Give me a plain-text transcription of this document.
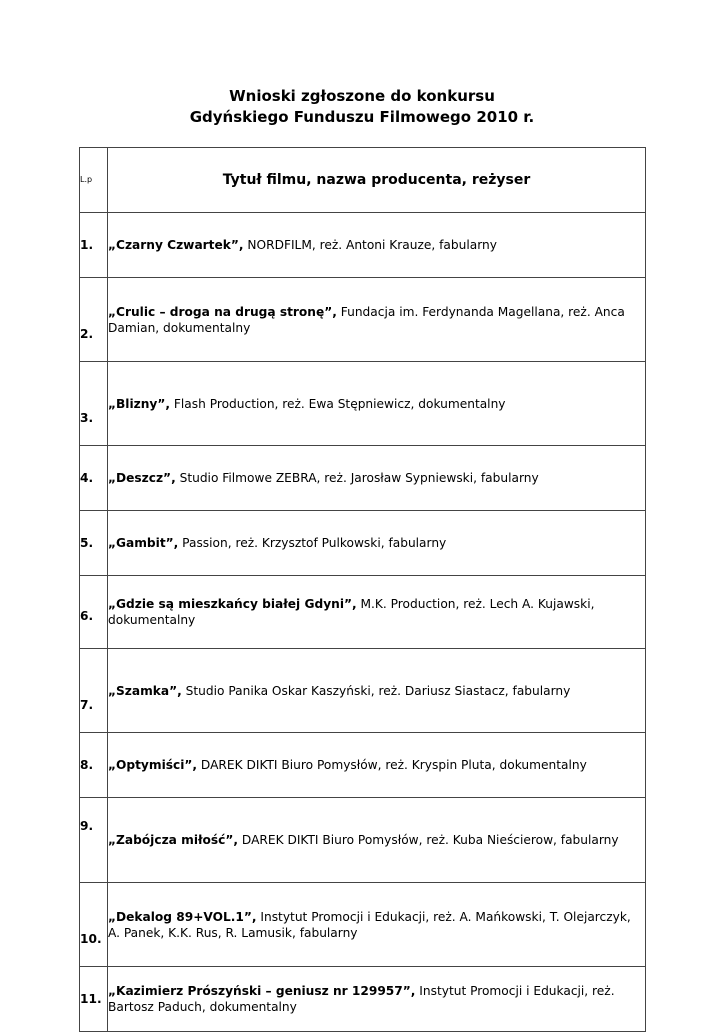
Wnioski zgłoszone do konkursu
Gdyńskiego Funduszu Filmowego 2010 r.
L.p	Tytuł filmu, nazwa producenta, reżyser
1.	„Czarny Czwartek”, NORDFILM, reż. Antoni Krauze, fabularny
2.	„Crulic – droga na drugą stronę”, Fundacja im. Ferdynanda Magellana, reż. Anca Damian, dokumentalny
3.	„Blizny”, Flash Production, reż. Ewa Stępniewicz, dokumentalny
4.	„Deszcz”, Studio Filmowe ZEBRA, reż. Jarosław Sypniewski, fabularny
5.	„Gambit”, Passion, reż. Krzysztof Pulkowski, fabularny
6.	„Gdzie są mieszkańcy białej Gdyni”, M.K. Production, reż. Lech A. Kujawski, dokumentalny
7.	„Szamka”, Studio Panika Oskar Kaszyński, reż. Dariusz Siastacz, fabularny
8.	„Optymiści”, DAREK DIKTI Biuro Pomysłów, reż. Kryspin Pluta, dokumentalny
9.	„Zabójcza miłość”, DAREK DIKTI Biuro Pomysłów, reż. Kuba Nieścierow, fabularny
10.	„Dekalog 89+VOL.1”, Instytut Promocji i Edukacji, reż. A. Mańkowski, T. Olejarczyk, A. Panek, K.K. Rus, R. Lamusik, fabularny
11.	„Kazimierz Prószyński – geniusz nr 129957”, Instytut Promocji i Edukacji, reż. Bartosz Paduch, dokumentalny
